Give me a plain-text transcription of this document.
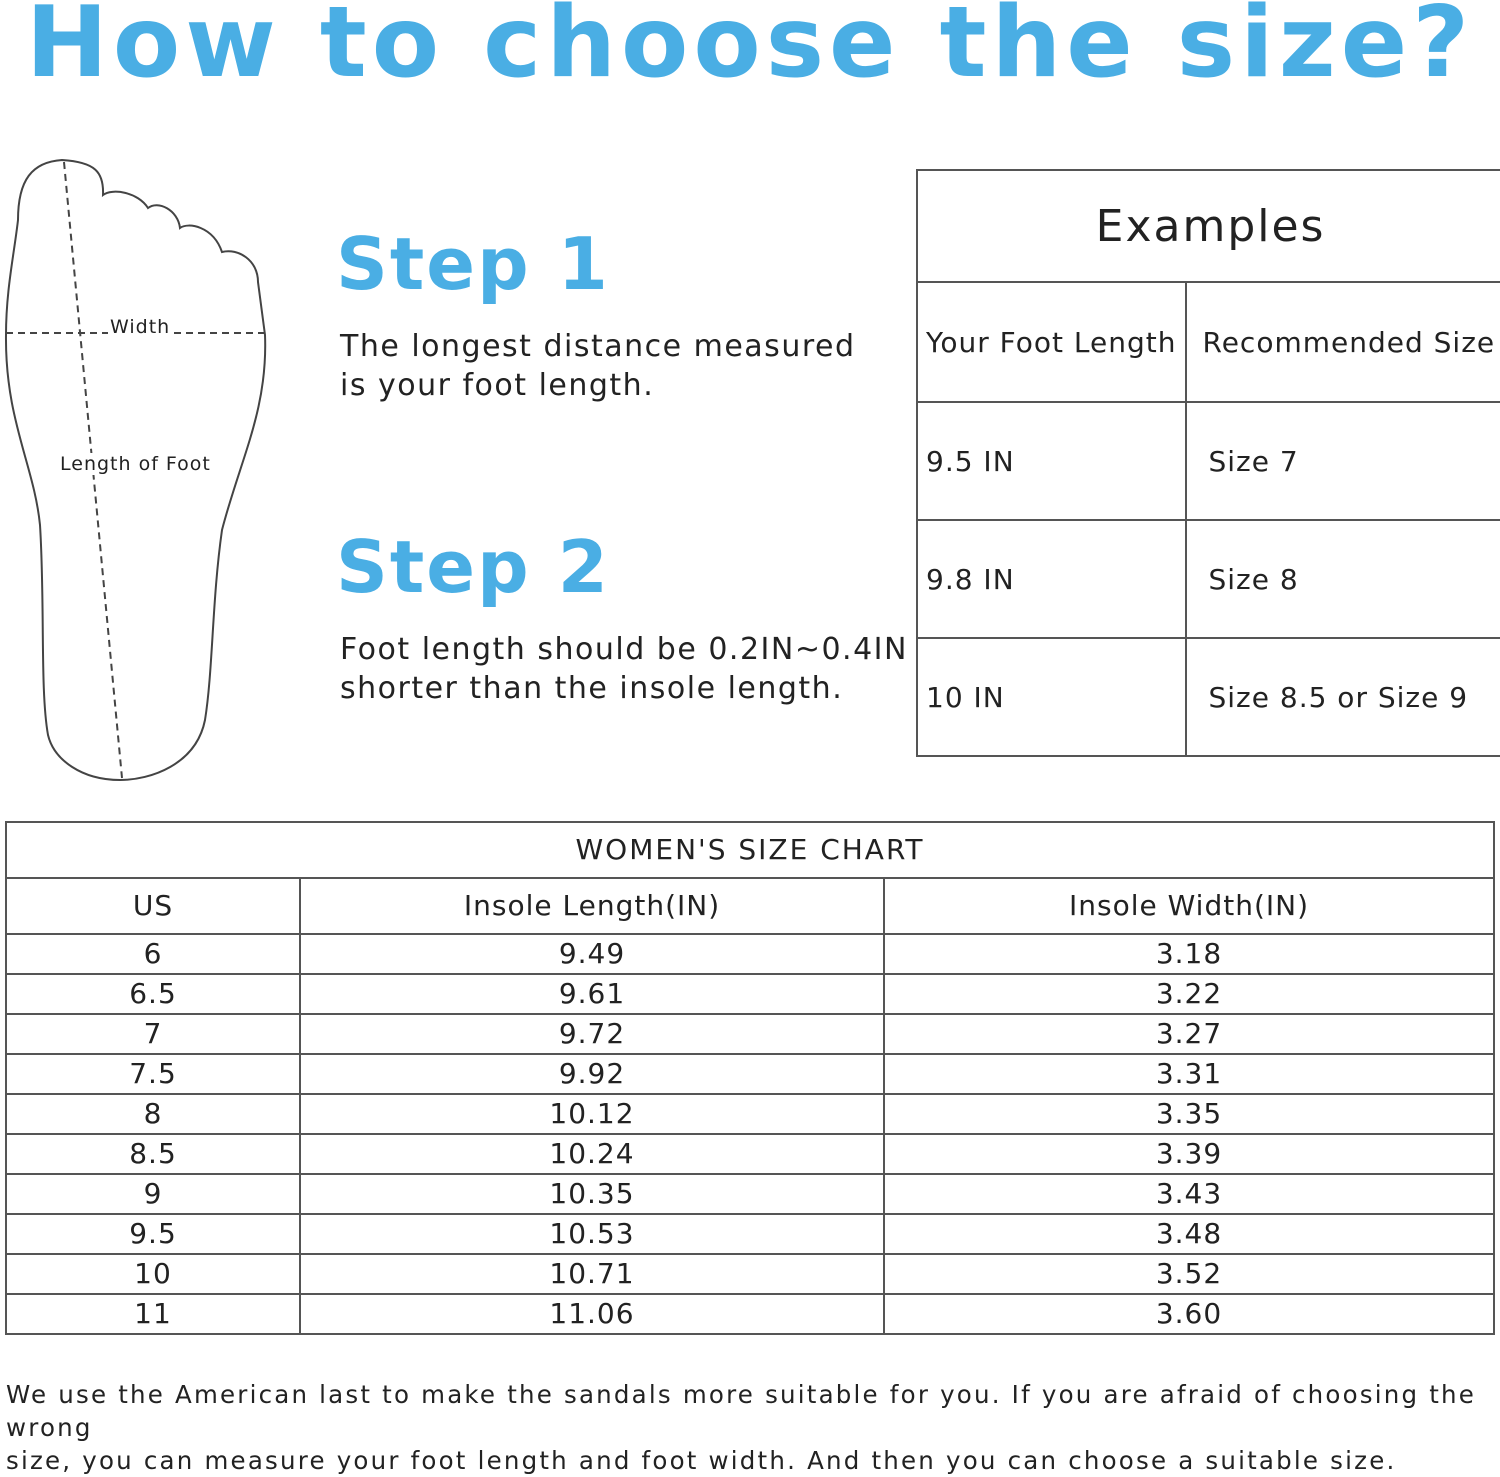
How to choose the size?
Width
Length of Foot
Step 1
The longest distance measured
is your foot length.
Step 2
Foot length should be 0.2IN~0.4IN
shorter than the insole length.
Examples	
Your Foot Length	Recommended Size
9.5 IN	Size 7
9.8 IN	Size 8
10 IN	Size 8.5 or Size 9
WOMEN'S SIZE CHART		
US	Insole Length(IN)	Insole Width(IN)
6	9.49	3.18
6.5	9.61	3.22
7	9.72	3.27
7.5	9.92	3.31
8	10.12	3.35
8.5	10.24	3.39
9	10.35	3.43
9.5	10.53	3.48
10	10.71	3.52
11	11.06	3.60
We use the American last to make the sandals more suitable for you. If you are afraid of choosing the wrong
size, you can measure your foot length and foot width. And then you can choose a suitable size.
